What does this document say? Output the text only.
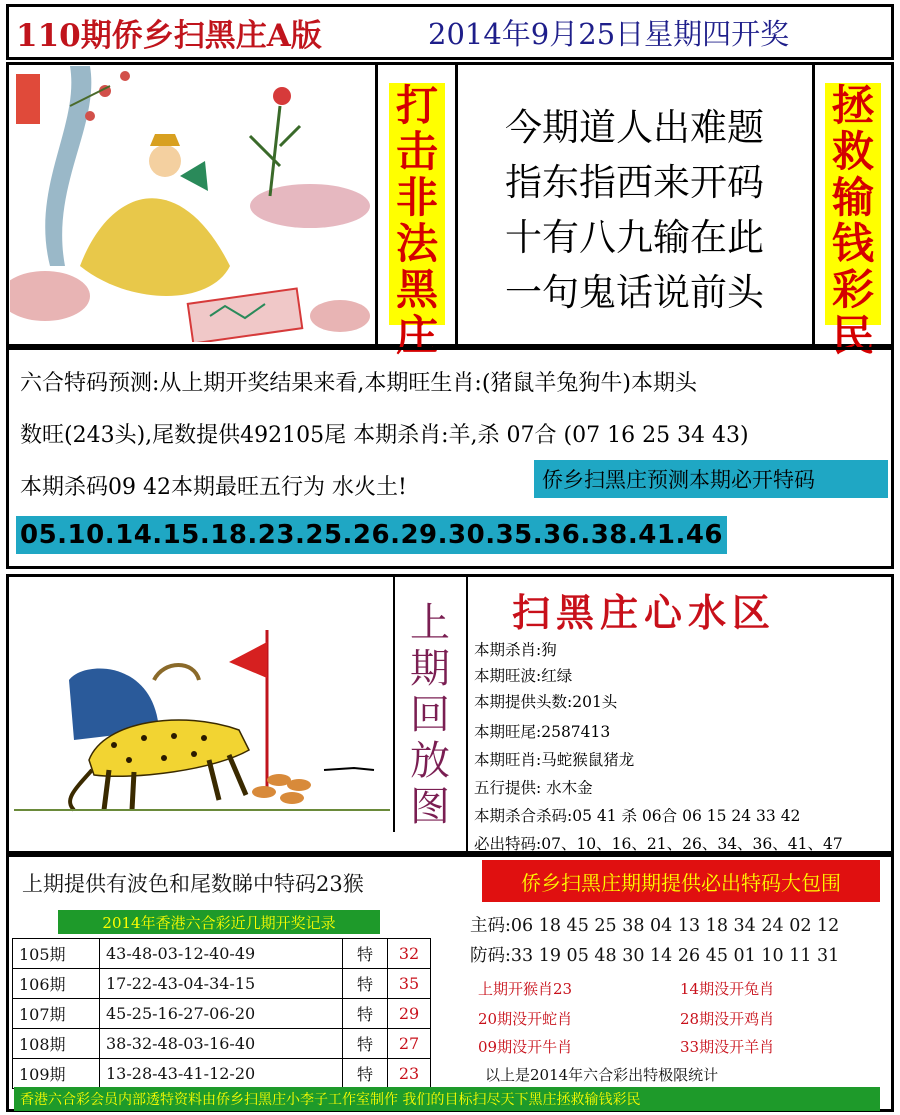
110期侨乡扫黑庄A版	2014年9月25日星期四开奖
打
击
非
法
黑
庄
拯
救
输
钱
彩
民
今期道人出难题
指东指西来开码
十有八九输在此
一句鬼话说前头
六合特码预测:从上期开奖结果来看,本期旺生肖:(猪鼠羊兔狗牛)本期头
数旺(243头),尾数提供492105尾 本期杀肖:羊,杀 07合 (07 16 25 34 43)
本期杀码09 42本期最旺五行为 水火土!	侨乡扫黑庄预测本期必开特码
05.10.14.15.18.23.25.26.29.30.35.36.38.41.46
上
期
回
放
图
扫黑庄心水区
本期杀肖:狗
本期旺波:红绿
本期提供头数:201头
本期旺尾:2587413
本期旺肖:马蛇猴鼠猪龙
五行提供: 水木金
本期杀合杀码:05 41 杀 06合 06 15 24 33 42
必出特码:07、10、16、21、26、34、36、41、47
上期提供有波色和尾数睇中特码23猴	侨乡扫黑庄期期提供必出特码大包围
2014年香港六合彩近几期开奖记录	主码:06 18 45 25 38 04 13 18 34 24 02 12
防码:33 19 05 48 30 14 26 45 01 10 11 31
105期	43-48-03-12-40-49	特	32
106期	17-22-43-04-34-15	特	35
107期	45-25-16-27-06-20	特	29
108期	38-32-48-03-16-40	特	27
109期	13-28-43-41-12-20	特	23
上期开猴肖23	14期没开兔肖
20期没开蛇肖	28期没开鸡肖
09期没开牛肖	33期没开羊肖
以上是2014年六合彩出特极限统计
香港六合彩会员内部透特资料由侨乡扫黑庄小李子工作室制作 我们的目标扫尽天下黑庄拯救输钱彩民
